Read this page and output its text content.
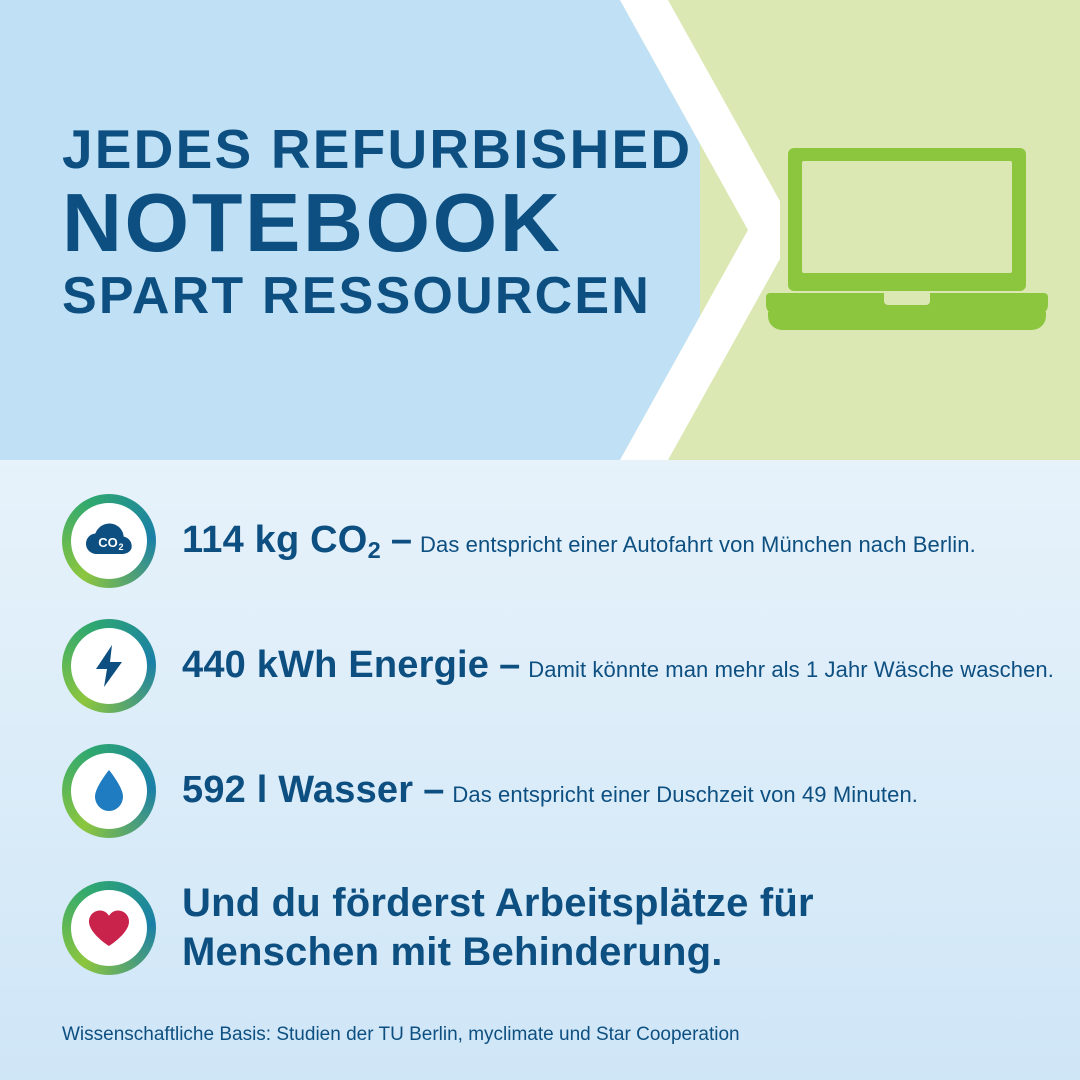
JEDES REFURBISHED
NOTEBOOK
SPART RESSOURCEN
CO 2 114 kg $CO_2$ – Das entspricht einer Autofahrt von München nach Berlin.
440 kWh Energie – Damit könnte man mehr als 1 Jahr Wäsche waschen.
592 l Wasser – Das entspricht einer Duschzeit von 49 Minuten.
Und du förderst Arbeitsplätze für
Menschen mit Behinderung.
Wissenschaftliche Basis: Studien der TU Berlin, myclimate und Star Cooperation
